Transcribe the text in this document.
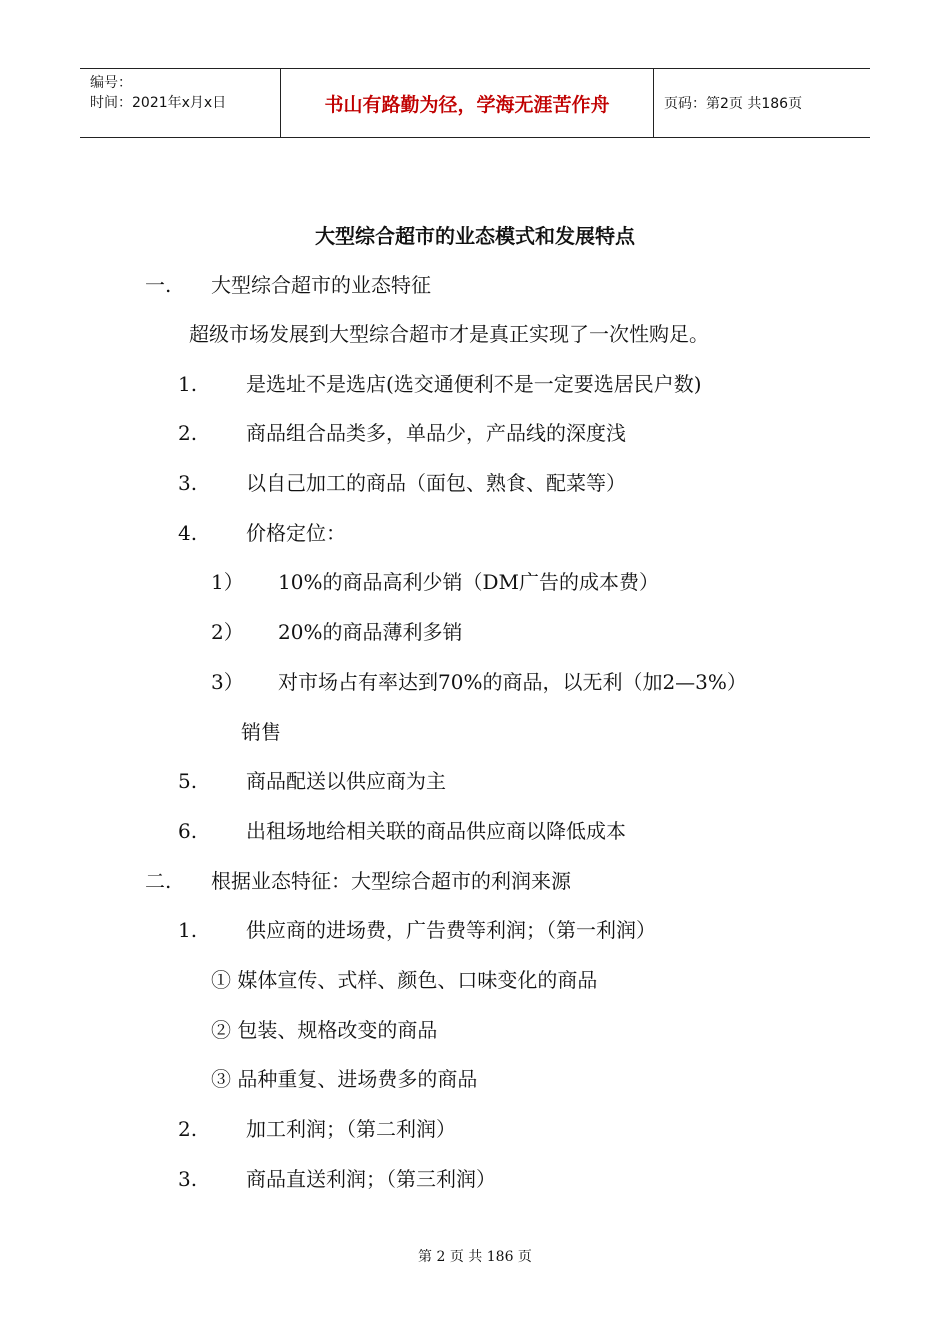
编号：
时间：2021年x月x日	书山有路勤为径，学海无涯苦作舟	页码：第2页 共186页
大型综合超市的业态模式和发展特点
一. 大型综合超市的业态特征
超级市场发展到大型综合超市才是真正实现了一次性购足。
1. 是选址不是选店(选交通便利不是一定要选居民户数)
2. 商品组合品类多，单品少，产品线的深度浅
3. 以自己加工的商品（面包、熟食、配菜等）
4. 价格定位：
1） 10%的商品高利少销（DM广告的成本费）
2） 20%的商品薄利多销
3） 对市场占有率达到70%的商品，以无利（加2—3%）
销售
5. 商品配送以供应商为主
6. 出租场地给相关联的商品供应商以降低成本
二. 根据业态特征：大型综合超市的利润来源
1. 供应商的进场费，广告费等利润；（第一利润）
① 媒体宣传、式样、颜色、口味变化的商品
② 包装、规格改变的商品
③ 品种重复、进场费多的商品
2. 加工利润；（第二利润）
3. 商品直送利润；（第三利润）
第 2 页 共 186 页
